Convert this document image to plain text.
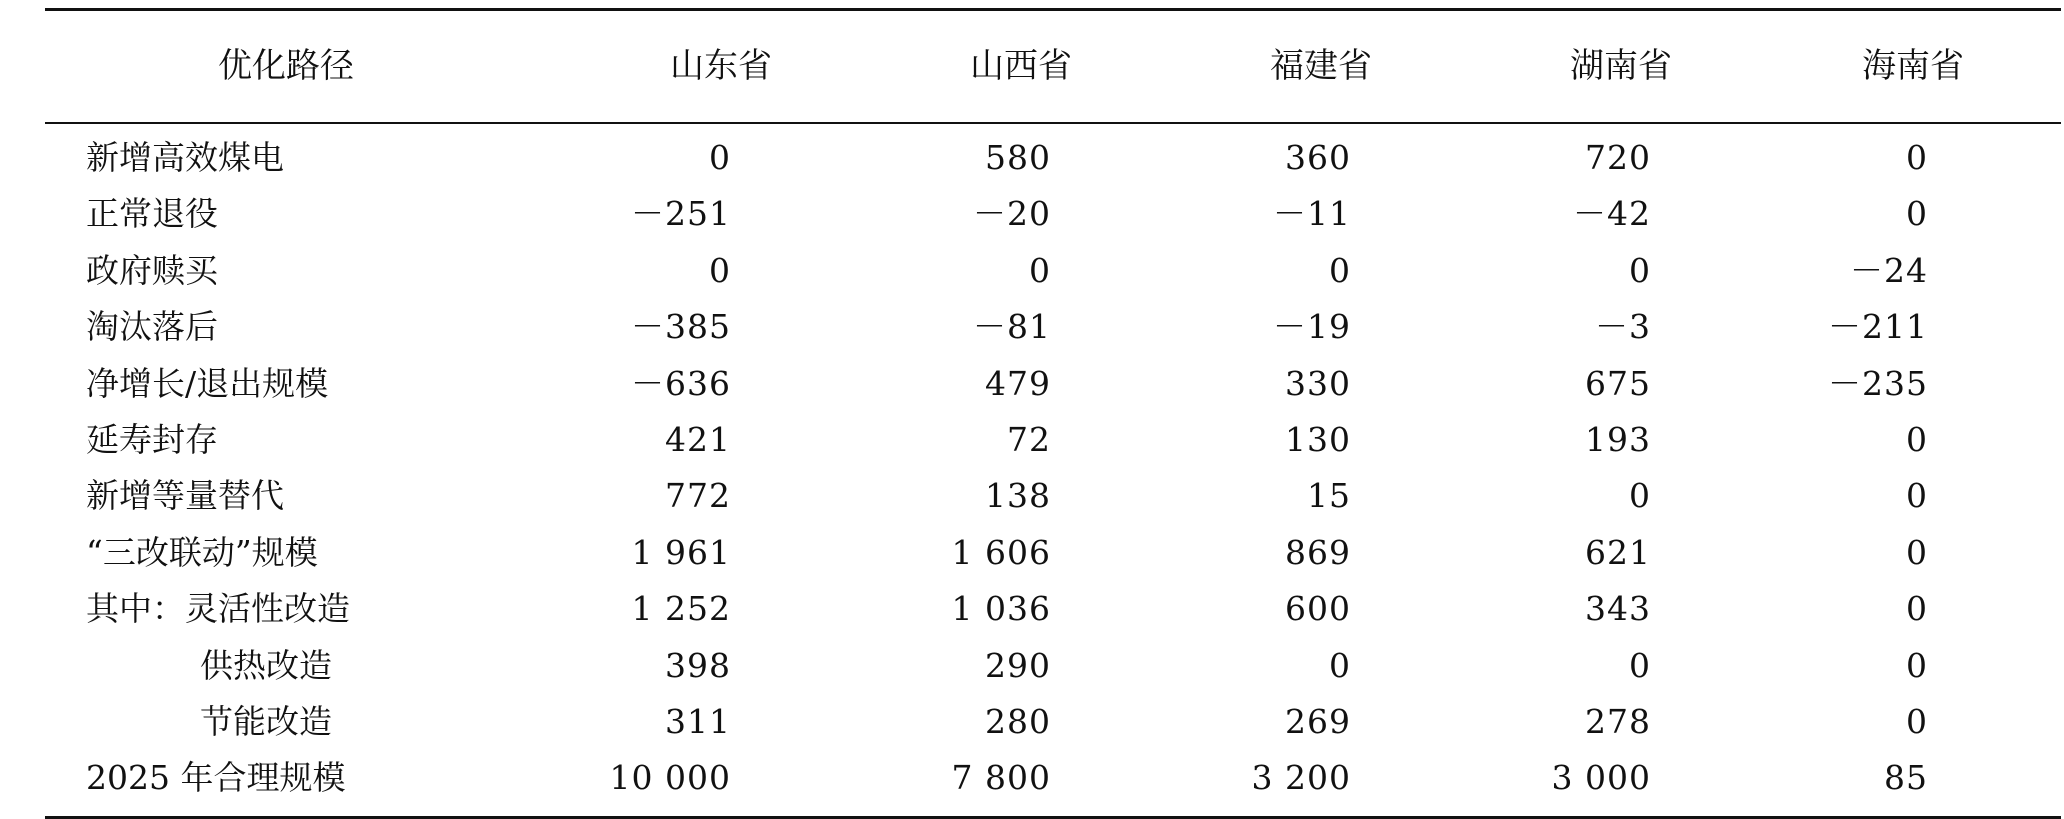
优化路径	山东省	山西省	福建省	湖南省	海南省
新增高效煤电	0	580	360	720	0
正常退役	－251	－20	－11	－42	0
政府赎买	0	0	0	0	－24
淘汰落后	－385	－81	－19	－3	－211
净增长/退出规模	－636	479	330	675	－235
延寿封存	421	72	130	193	0
新增等量替代	772	138	15	0	0
“三改联动”规模	1 961	1 606	869	621	0
其中：灵活性改造	1 252	1 036	600	343	0
供热改造	398	290	0	0	0
节能改造	311	280	269	278	0
2025 年合理规模	10 000	7 800	3 200	3 000	85
